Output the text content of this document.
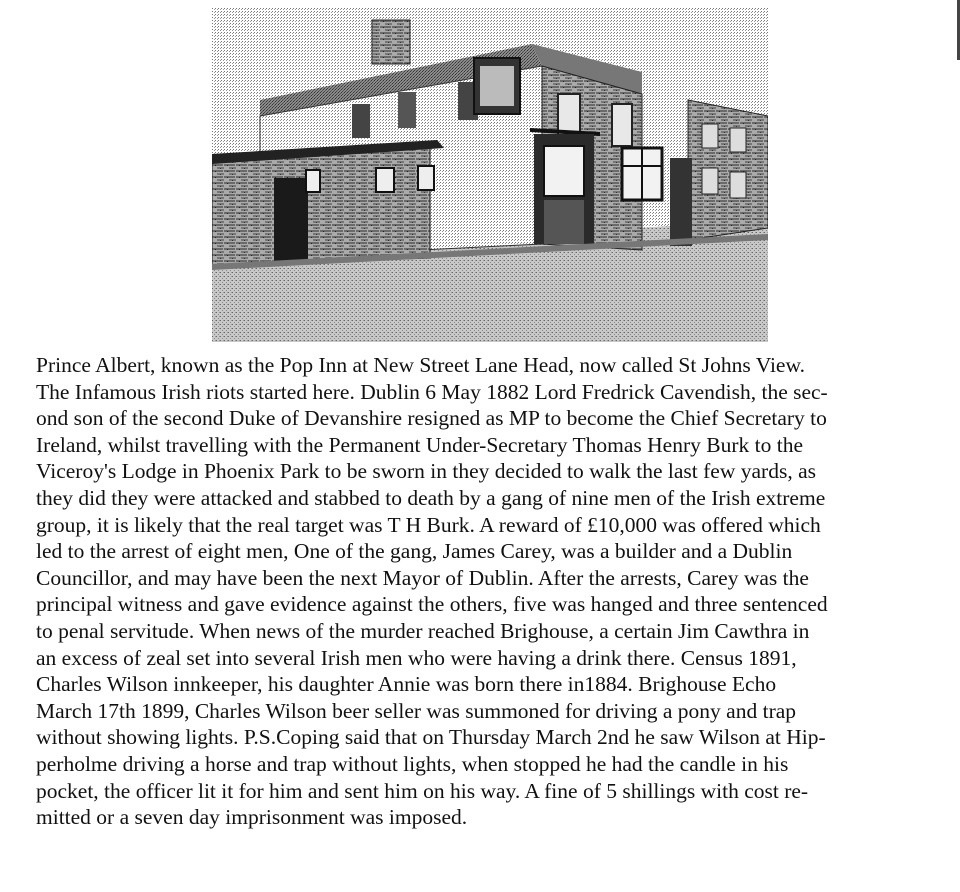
Prince Albert, known as the Pop Inn at New Street Lane Head, now called St Johns View.
The Infamous Irish riots started here. Dublin 6 May 1882 Lord Fredrick Cavendish, the sec-
ond son of the second Duke of Devanshire resigned as MP to become the Chief Secretary to
Ireland, whilst travelling with the Permanent Under-Secretary Thomas Henry Burk to the
Viceroy's Lodge in Phoenix Park to be sworn in they decided to walk the last few yards, as
they did they were attacked and stabbed to death by a gang of nine men of the Irish extreme
group, it is likely that the real target was T H Burk. A reward of £10,000 was offered which
led to the arrest of eight men, One of the gang, James Carey, was a builder and a Dublin
Councillor, and may have been the next Mayor of Dublin. After the arrests, Carey was the
principal witness and gave evidence against the others, five was hanged and three sentenced
to penal servitude. When news of the murder reached Brighouse, a certain Jim Cawthra in
an excess of zeal set into several Irish men who were having a drink there. Census 1891,
Charles Wilson innkeeper, his daughter Annie was born there in1884. Brighouse Echo
March 17th 1899, Charles Wilson beer seller was summoned for driving a pony and trap
without showing lights. P.S.Coping said that on Thursday March 2nd he saw Wilson at Hip-
perholme driving a horse and trap without lights, when stopped he had the candle in his
pocket, the officer lit it for him and sent him on his way. A fine of 5 shillings with cost re-
mitted or a seven day imprisonment was imposed.
